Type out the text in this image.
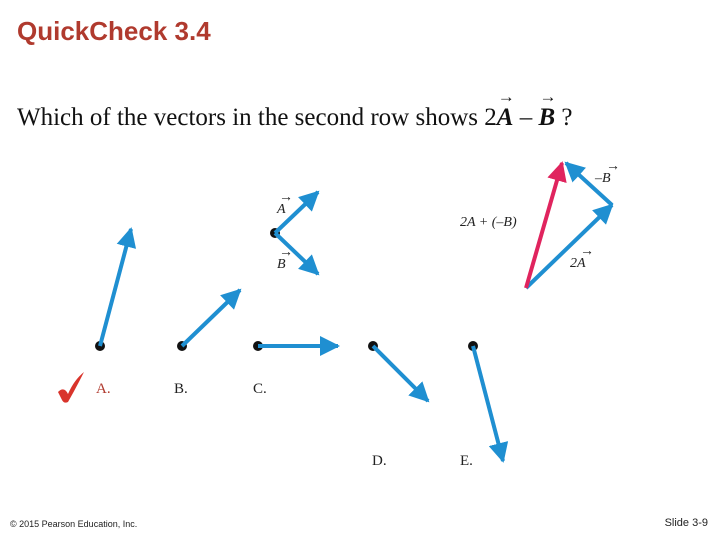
QuickCheck 3.4
Which of the vectors in the second row shows 2→ A – → B ?
A
→
B
→
–B
→
2A
→
2A + (–B)
A.	B.	C.
D.	E.
© 2015 Pearson Education, Inc.	Slide 3-9
